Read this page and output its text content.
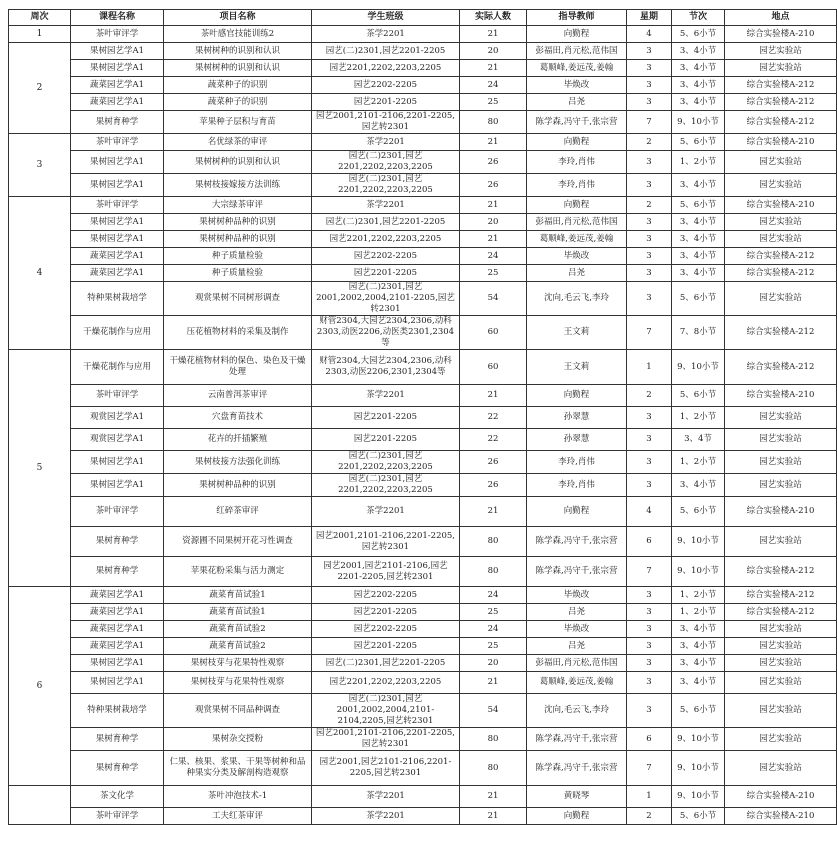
周次	课程名称	项目名称	学生班级	实际人数	指导教师	星期	节次	地点
1	茶叶审评学	茶叶感官技能训练2	茶学2201	21	向勤程	4	5、6小节	综合实验楼A-210
2	果树园艺学A1	果树树种的识别和认识	园艺(二)2301,园艺2201-2205	20	彭福田,肖元松,范伟国	3	3、4小节	园艺实验站
	果树园艺学A1	果树树种的识别和认识	园艺2201,2202,2203,2205	21	葛顺峰,姜远茂,姜翰	3	3、4小节	园艺实验站
	蔬菜园艺学A1	蔬菜种子的识别	园艺2202-2205	24	毕焕改	3	3、4小节	综合实验楼A-212
	蔬菜园艺学A1	蔬菜种子的识别	园艺2201-2205	25	吕尧	3	3、4小节	综合实验楼A-212
	果树育种学	苹果种子层积与育苗	园艺2001,2101-2106,2201-2205,园艺转2301	80	陈学森,冯守千,张宗营	7	9、10小节	综合实验楼A-212
3	茶叶审评学	名优绿茶的审评	茶学2201	21	向勤程	2	5、6小节	综合实验楼A-210
	果树园艺学A1	果树树种的识别和认识	园艺(二)2301,园艺2201,2202,2203,2205	26	李玲,肖伟	3	1、2小节	园艺实验站
	果树园艺学A1	果树枝接嫁接方法训练	园艺(二)2301,园艺2201,2202,2203,2205	26	李玲,肖伟	3	3、4小节	园艺实验站
4	茶叶审评学	大宗绿茶审评	茶学2201	21	向勤程	2	5、6小节	综合实验楼A-210
	果树园艺学A1	果树树种品种的识别	园艺(二)2301,园艺2201-2205	20	彭福田,肖元松,范伟国	3	3、4小节	园艺实验站
	果树园艺学A1	果树树种品种的识别	园艺2201,2202,2203,2205	21	葛顺峰,姜远茂,姜翰	3	3、4小节	园艺实验站
	蔬菜园艺学A1	种子质量检验	园艺2202-2205	24	毕焕改	3	3、4小节	综合实验楼A-212
	蔬菜园艺学A1	种子质量检验	园艺2201-2205	25	吕尧	3	3、4小节	综合实验楼A-212
	特种果树栽培学	观赏果树不同树形调查	园艺(二)2301,园艺2001,2002,2004,2101-2205,园艺转2301	54	沈向,毛云飞,李玲	3	5、6小节	园艺实验站
	干燥花制作与应用	压花植物材料的采集及制作	财管2304,大园艺2304,2306,动科2303,动医2206,动医类2301,2304等	60	王文莉	7	7、8小节	综合实验楼A-212
5	干燥花制作与应用	干燥花植物材料的保色、染色及干燥处理	财管2304,大园艺2304,2306,动科2303,动医2206,2301,2304等	60	王文莉	1	9、10小节	综合实验楼A-212
	茶叶审评学	云南普洱茶审评	茶学2201	21	向勤程	2	5、6小节	综合实验楼A-210
	观赏园艺学A1	穴盘育苗技术	园艺2201-2205	22	孙翠慧	3	1、2小节	园艺实验站
	观赏园艺学A1	花卉的扦插繁殖	园艺2201-2205	22	孙翠慧	3	3、4节	园艺实验站
	果树园艺学A1	果树枝接方法强化训练	园艺(二)2301,园艺2201,2202,2203,2205	26	李玲,肖伟	3	1、2小节	园艺实验站
	果树园艺学A1	果树树种品种的识别	园艺(二)2301,园艺2201,2202,2203,2205	26	李玲,肖伟	3	3、4小节	园艺实验站
	茶叶审评学	红碎茶审评	茶学2201	21	向勤程	4	5、6小节	综合实验楼A-210
	果树育种学	资源圃不同果树开花习性调查	园艺2001,2101-2106,2201-2205,园艺转2301	80	陈学森,冯守千,张宗营	6	9、10小节	园艺实验站
	果树育种学	苹果花粉采集与活力测定	园艺2001,园艺2101-2106,园艺2201-2205,园艺转2301	80	陈学森,冯守千,张宗营	7	9、10小节	综合实验楼A-212
6	蔬菜园艺学A1	蔬菜育苗试验1	园艺2202-2205	24	毕焕改	3	1、2小节	综合实验楼A-212
	蔬菜园艺学A1	蔬菜育苗试验1	园艺2201-2205	25	吕尧	3	1、2小节	综合实验楼A-212
	蔬菜园艺学A1	蔬菜育苗试验2	园艺2202-2205	24	毕焕改	3	3、4小节	园艺实验站
	蔬菜园艺学A1	蔬菜育苗试验2	园艺2201-2205	25	吕尧	3	3、4小节	园艺实验站
	果树园艺学A1	果树枝芽与花果特性观察	园艺(二)2301,园艺2201-2205	20	彭福田,肖元松,范伟国	3	3、4小节	园艺实验站
	果树园艺学A1	果树枝芽与花果特性观察	园艺2201,2202,2203,2205	21	葛顺峰,姜远茂,姜翰	3	3、4小节	园艺实验站
	特种果树栽培学	观赏果树不同品种调查	园艺(二)2301,园艺2001,2002,2004,2101-2104,2205,园艺转2301	54	沈向,毛云飞,李玲	3	5、6小节	园艺实验站
	果树育种学	果树杂交授粉	园艺2001,2101-2106,2201-2205,园艺转2301	80	陈学森,冯守千,张宗营	6	9、10小节	园艺实验站
	果树育种学	仁果、核果、浆果、干果等树种和品种果实分类及解剖构造观察	园艺2001,园艺2101-2106,2201-2205,园艺转2301	80	陈学森,冯守千,张宗营	7	9、10小节	园艺实验站
	茶文化学	茶叶冲泡技术-1	茶学2201	21	黄晓琴	1	9、10小节	综合实验楼A-210
	茶叶审评学	工夫红茶审评	茶学2201	21	向勤程	2	5、6小节	综合实验楼A-210
